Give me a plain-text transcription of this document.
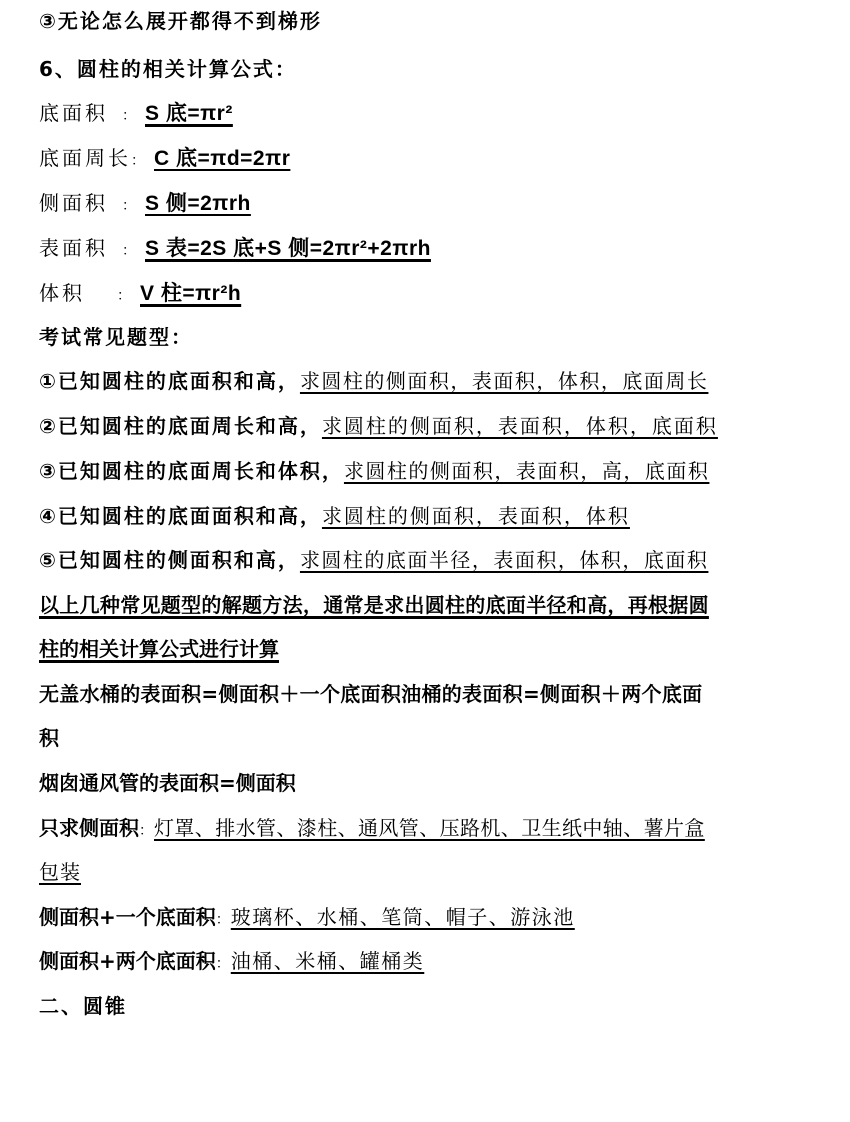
③无论怎么展开都得不到梯形
6、圆柱的相关计算公式：
底面积 ： S 底=πr²
底面周长： C 底=πd=2πr
侧面积 ： S 侧=2πrh
表面积 ： S 表=2S 底+S 侧=2πr²+2πrh
体积 ： V 柱=πr²h
考试常见题型：
①已知圆柱的底面积和高，求圆柱的侧面积，表面积，体积，底面周长
②已知圆柱的底面周长和高，求圆柱的侧面积，表面积，体积，底面积
③已知圆柱的底面周长和体积，求圆柱的侧面积，表面积，高，底面积
④已知圆柱的底面面积和高，求圆柱的侧面积，表面积，体积
⑤已知圆柱的侧面积和高，求圆柱的底面半径，表面积，体积，底面积
以上几种常见题型的解题方法，通常是求出圆柱的底面半径和高，再根据圆
柱的相关计算公式进行计算
无盖水桶的表面积=侧面积＋一个底面积油桶的表面积=侧面积＋两个底面
积
烟囱通风管的表面积=侧面积
只求侧面积：灯罩、排水管、漆柱、通风管、压路机、卫生纸中轴、薯片盒
包装
侧面积+一个底面积：玻璃杯、水桶、笔筒、帽子、游泳池
侧面积+两个底面积：油桶、米桶、罐桶类
二、圆锥
